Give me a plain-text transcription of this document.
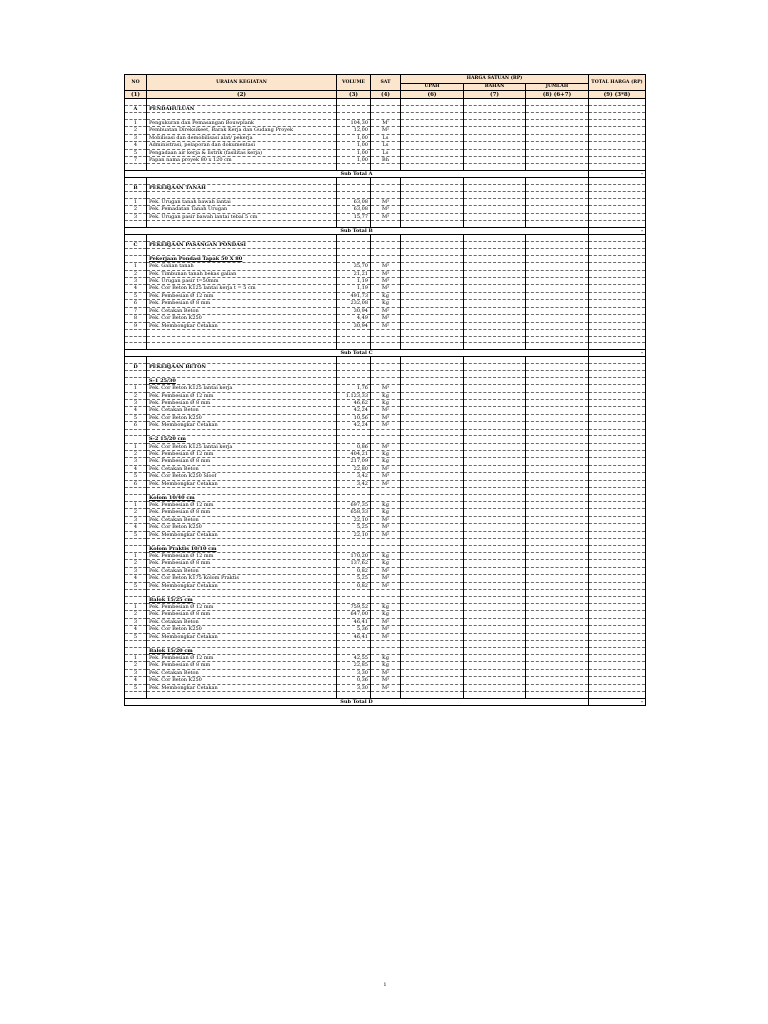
NO	URAIAN KEGIATAN	VOLUME	SAT	HARGA SATUAN (RP)			TOTAL HARGA (RP)
				UPAH	BAHAN	JUMLAH	
(1)	(2)	(3)	(4)	(6)	(7)	(8) (6+7)	(9) (3*8)

A	PENDAHULUAN						

1	Pengukuran dan Pemasangan Bouwplank	104,30	M'				
2	Pembuatan Direksikeet, Barak Kerja dan Gudang Proyek	12,00	M²				
3	Mobilisasi dan demobilisasi alat/ pekerja	1,00	Ls				
4	Administrasi, pelaporan dan dokumentasi	1,00	Ls				
5	Pengadaan air kerja & listrik (fasilitas kerja)	1,00	Ls				
7	Papan nama proyek 80 x 120 cm	1,00	Bh				

Sub Total A							-

B	PEKERJAAN TANAH						

1	Pek. Urugan tanah bawah lantai	63,08	M³				
2	Pek. Pemadatan Tanah Urugan	63,08	M³				
3	Pek. Urugan pasir bawah lantai tebal 5 cm	15,77	M³				

Sub Total B							-

C	PEKERJAAN PASANGAN PONDASI						

	Pekerjaan Pondasi Tapak 50 X 80						
1	Pek. Galian tanah	35,70	M³				
2	Pek. Timbunan tanah bekas galian	21,21	M³				
3	Pek. Urugan pasir t=50mm	1,19	M³				
4	Pek. Cor Beton K125 lantai kerja t = 5 cm	1,19	M³				
5	Pek. Pembesian Ø 12 mm	491,73	Kg				
6	Pek. Pembesian Ø 8 mm	232,08	Kg				
7	Pek. Cetakan Beton	30,94	M²				
8	Pek. Cor Beton K250	4,49	M³				
9	Pek. Membongkar Cetakan	30,94	M²				

Sub Total C							-

D	PEKERJAAN BETON						

	S-1 25/30						
1	Pek. Cor Beton K125 lantai kerja	1,76	M³				
2	Pek. Pembesian Ø 12 mm	1.123,33	Kg				
3	Pek. Pembesian Ø 8 mm	46,62	Kg				
4	Pek. Cetakan Beton	42,24	M²				
5	Pek. Cor Beton K250	10,56	M³				
6	Pek. Membongkar Cetakan	42,24	M²				

	S-2 15/20 cm						
1	Pek. Cor Beton K125 lantai kerja	0,86	M³				
2	Pek. Pembesian Ø 12 mm	404,21	Kg				
3	Pek. Pembesian Ø 8 mm	217,09	Kg				
4	Pek. Cetakan Beton	22,80	M²				
5	Pek. Cor Beton K250 Sloof	3,42	M³				
6	Pek. Membongkar Cetakan	3,42	M²				

	Kolom 10/40 cm						
1	Pek. Pembesian Ø 12 mm	697,35	Kg				
2	Pek. Pembesian Ø 8 mm	658,33	Kg				
3	Pek. Cetakan Beton	22,10	M²				
4	Pek. Cor Beton K250	5,25	M³				
5	Pek. Membongkar Cetakan	22,10	M²				

	Kolom Praktis 10/10 cm						
1	Pek. Pembesian Ø 12 mm	170,20	Kg				
2	Pek. Pembesian Ø 8 mm	137,62	Kg				
3	Pek. Cetakan Beton	0,82	M²				
4	Pek. Cor Beton K175 Kolom Praktis	5,25	M³				
5	Pek. Membongkar Cetakan	0,82	M²				

	Balok 15/25 cm						
1	Pek. Pembesian Ø 12 mm	759,52	Kg				
2	Pek. Pembesian Ø 8 mm	647,00	Kg				
3	Pek. Cetakan Beton	46,41	M²				
4	Pek. Cor Beton K250	5,36	M³				
5	Pek. Membongkar Cetakan	46,41	M²				

	Balok 15/20 cm						
1	Pek. Pembesian Ø 12 mm	42,55	Kg				
2	Pek. Pembesian Ø 8 mm	22,85	Kg				
3	Pek. Cetakan Beton	3,30	M²				
4	Pek. Cor Beton K250	0,36	M³				
5	Pek. Membongkar Cetakan	3,30	M²				

Sub Total D							-
1
